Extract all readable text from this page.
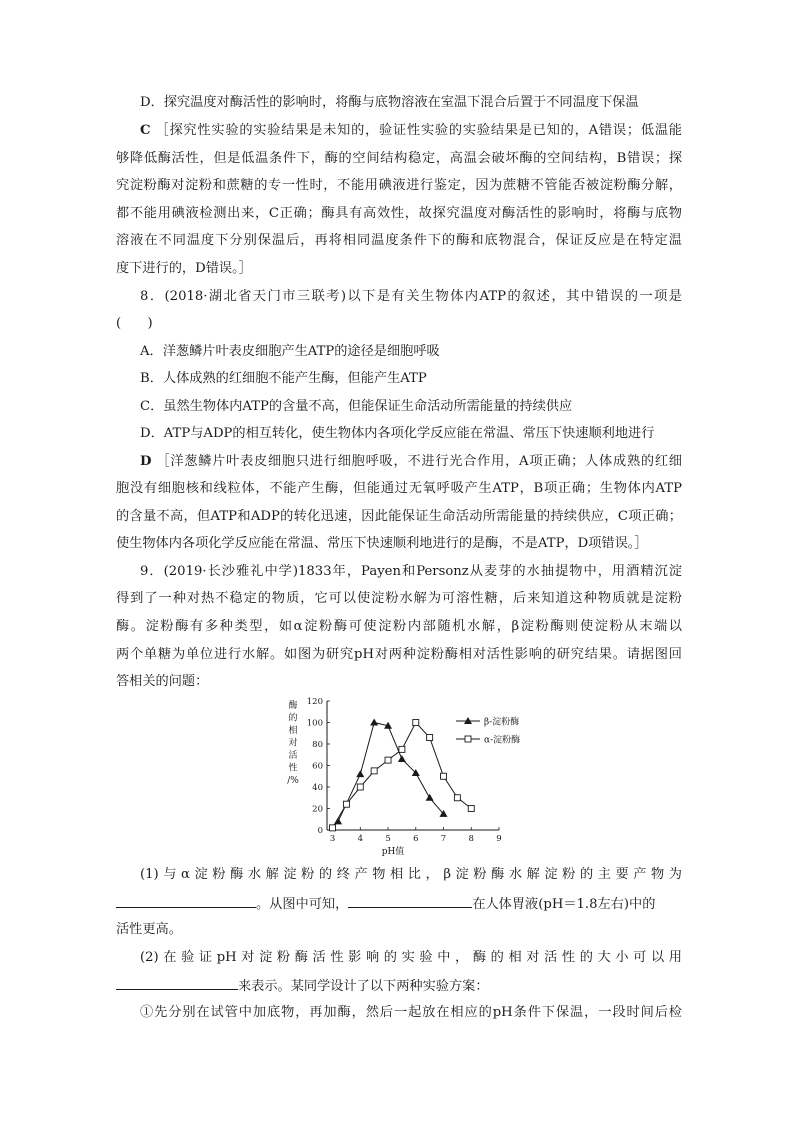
D．探究温度对酶活性的影响时，将酶与底物溶液在室温下混合后置于不同温度下保温
C ［探究性实验的实验结果是未知的，验证性实验的实验结果是已知的，A错误；低温能
够降低酶活性，但是低温条件下，酶的空间结构稳定，高温会破坏酶的空间结构，B错误；探
究淀粉酶对淀粉和蔗糖的专一性时，不能用碘液进行鉴定，因为蔗糖不管能否被淀粉酶分解，
都不能用碘液检测出来，C正确；酶具有高效性，故探究温度对酶活性的影响时，将酶与底物
溶液在不同温度下分别保温后，再将相同温度条件下的酶和底物混合，保证反应是在特定温
度下进行的，D错误。］
8．(2018·湖北省天门市三联考)以下是有关生物体内ATP的叙述，其中错误的一项是
(　　)
A．洋葱鳞片叶表皮细胞产生ATP的途径是细胞呼吸
B．人体成熟的红细胞不能产生酶，但能产生ATP
C．虽然生物体内ATP的含量不高，但能保证生命活动所需能量的持续供应
D．ATP与ADP的相互转化，使生物体内各项化学反应能在常温、常压下快速顺利地进行
D ［洋葱鳞片叶表皮细胞只进行细胞呼吸，不进行光合作用，A项正确；人体成熟的红细
胞没有细胞核和线粒体，不能产生酶，但能通过无氧呼吸产生ATP，B项正确；生物体内ATP
的含量不高，但ATP和ADP的转化迅速，因此能保证生命活动所需能量的持续供应，C项正确；
使生物体内各项化学反应能在常温、常压下快速顺利地进行的是酶，不是ATP，D项错误。］
9．(2019·长沙雅礼中学)1833年，Payen和Personz从麦芽的水抽提物中，用酒精沉淀
得到了一种对热不稳定的物质，它可以使淀粉水解为可溶性糖，后来知道这种物质就是淀粉
酶。淀粉酶有多种类型，如α淀粉酶可使淀粉内部随机水解，β淀粉酶则使淀粉从末端以
两个单糖为单位进行水解。如图为研究pH对两种淀粉酶相对活性影响的研究结果。请据图回
答相关的问题：
酶
的
相
对
活
性
/%
0
20
40
60
80
100
120
3	4	5	6	7	8	9
β-淀粉酶
α-淀粉酶
pH值
(1)与α淀粉酶水解淀粉的终产物相比，β淀粉酶水解淀粉的主要产物为
。从图中可知，	在人体胃液(pH＝1.8左右)中的
活性更高。
(2)在验证pH对淀粉酶活性影响的实验中，酶的相对活性的大小可以用
来表示。某同学设计了以下两种实验方案：
①先分别在试管中加底物，再加酶，然后一起放在相应的pH条件下保温，一段时间后检
